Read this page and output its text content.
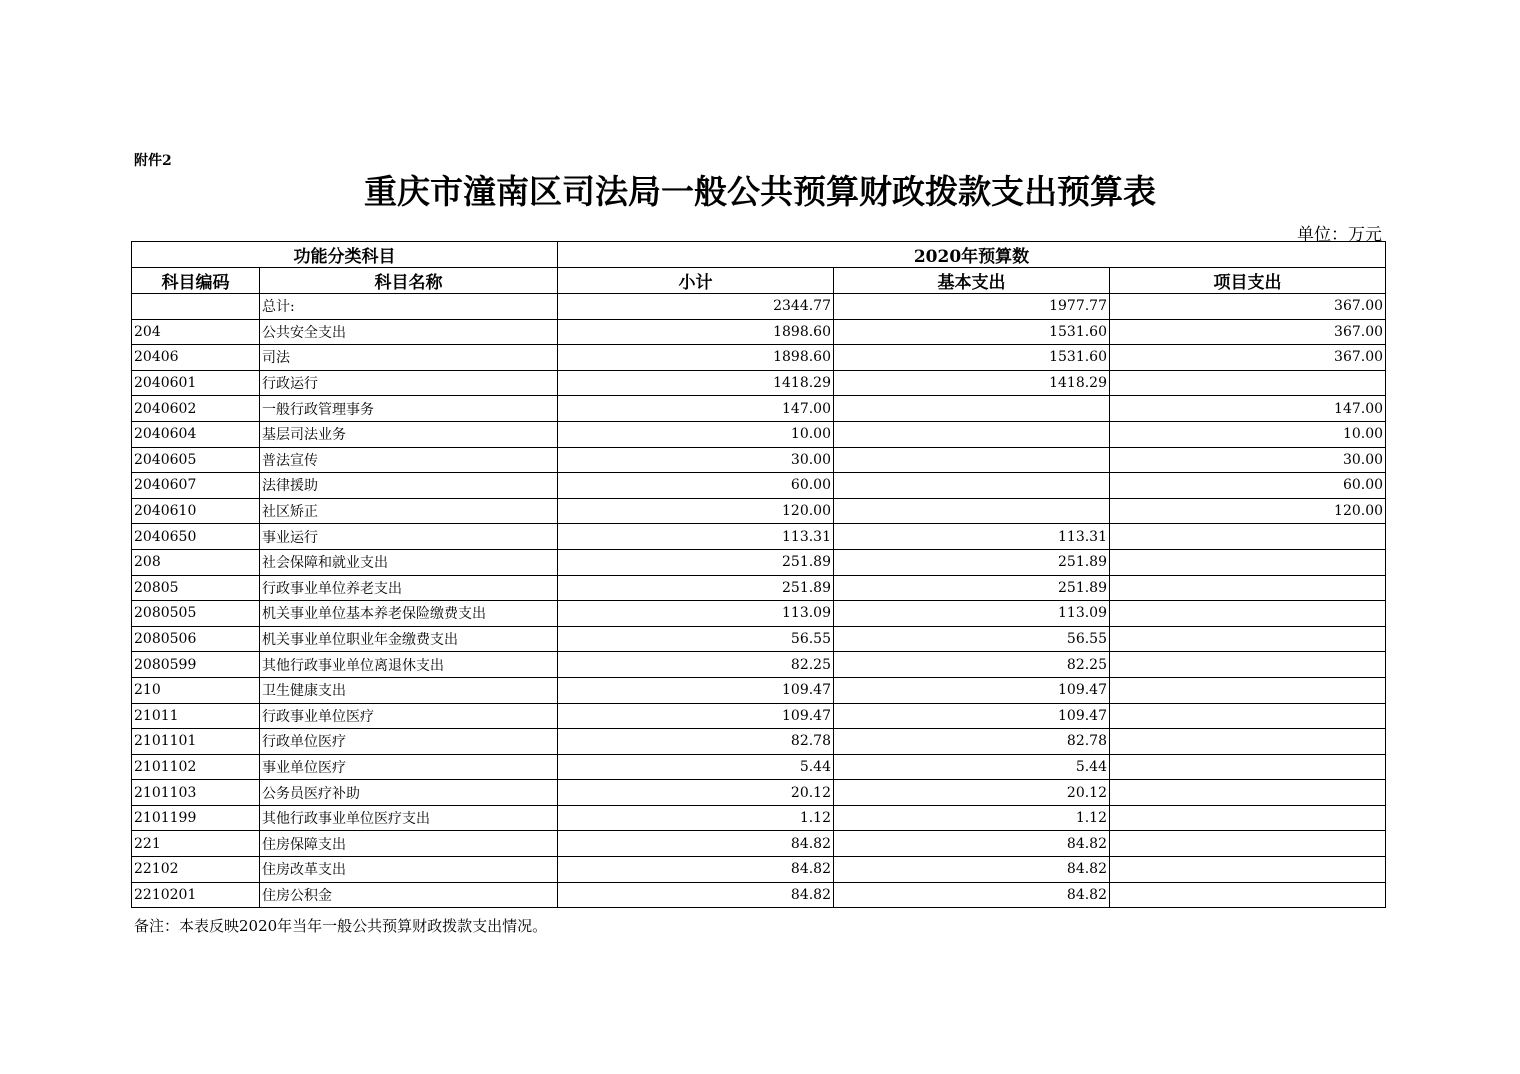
附件2
重庆市潼南区司法局一般公共预算财政拨款支出预算表
单位：万元
功能分类科目		2020年预算数		
科目编码	科目名称	小计	基本支出	项目支出
	总计:	2344.77	1977.77	367.00
204	公共安全支出	1898.60	1531.60	367.00
20406	司法	1898.60	1531.60	367.00
2040601	行政运行	1418.29	1418.29	
2040602	一般行政管理事务	147.00		147.00
2040604	基层司法业务	10.00		10.00
2040605	普法宣传	30.00		30.00
2040607	法律援助	60.00		60.00
2040610	社区矫正	120.00		120.00
2040650	事业运行	113.31	113.31	
208	社会保障和就业支出	251.89	251.89	
20805	行政事业单位养老支出	251.89	251.89	
2080505	机关事业单位基本养老保险缴费支出	113.09	113.09	
2080506	机关事业单位职业年金缴费支出	56.55	56.55	
2080599	其他行政事业单位离退休支出	82.25	82.25	
210	卫生健康支出	109.47	109.47	
21011	行政事业单位医疗	109.47	109.47	
2101101	行政单位医疗	82.78	82.78	
2101102	事业单位医疗	5.44	5.44	
2101103	公务员医疗补助	20.12	20.12	
2101199	其他行政事业单位医疗支出	1.12	1.12	
221	住房保障支出	84.82	84.82	
22102	住房改革支出	84.82	84.82	
2210201	住房公积金	84.82	84.82	
备注：本表反映2020年当年一般公共预算财政拨款支出情况。
